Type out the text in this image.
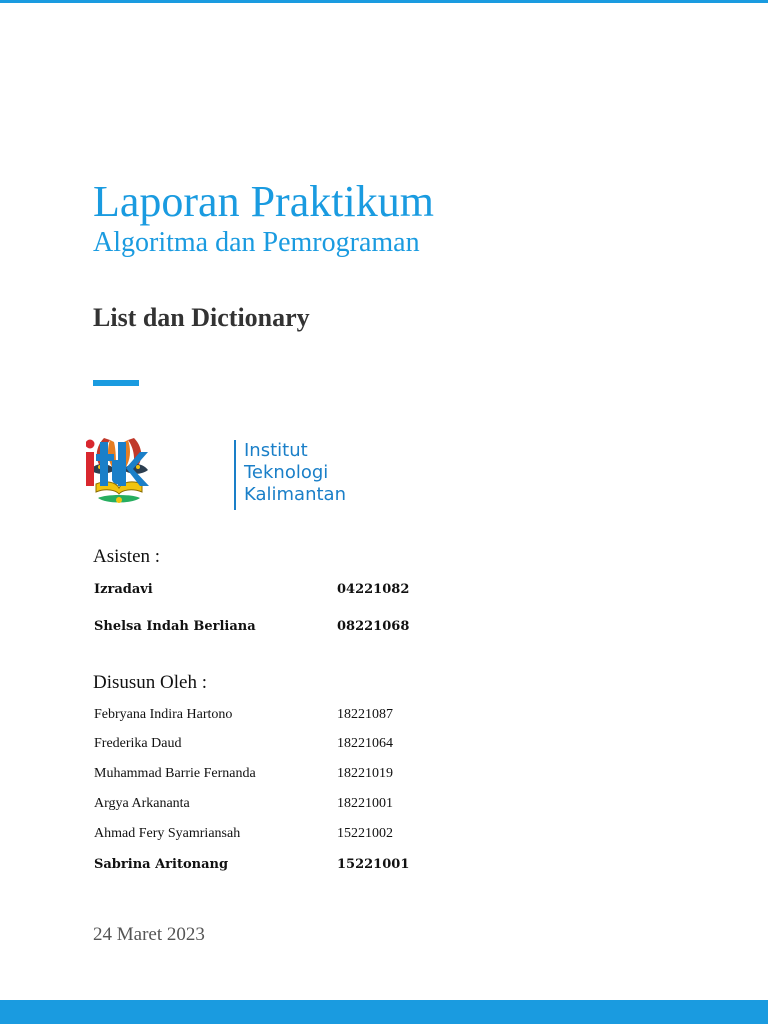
Laporan Praktikum
Algoritma dan Pemrograman
List dan Dictionary
Institut
Teknologi
Kalimantan
Asisten :
Izradavi	04221082
Shelsa Indah Berliana	08221068
Disusun Oleh :
Febryana Indira Hartono	18221087
Frederika Daud	18221064
Muhammad Barrie Fernanda	18221019
Argya Arkananta	18221001
Ahmad Fery Syamriansah	15221002
Sabrina Aritonang	15221001
24 Maret 2023
